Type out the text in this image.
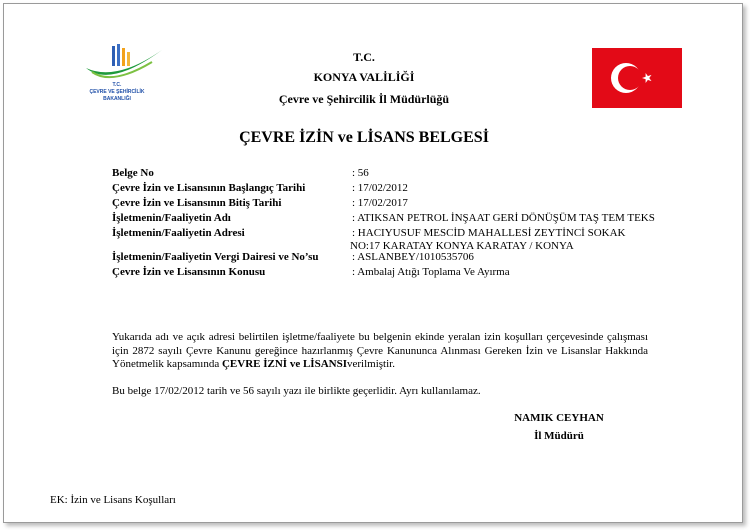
T.C.
ÇEVRE VE ŞEHİRCİLİK
BAKANLIĞI
T.C.
KONYA VALİLİĞİ
Çevre ve Şehircilik İl Müdürlüğü
ÇEVRE İZİN ve LİSANS BELGESİ
Belge No	: 56
Çevre İzin ve Lisansının Başlangıç Tarihi	: 17/02/2012
Çevre İzin ve Lisansının Bitiş Tarihi	: 17/02/2017
İşletmenin/Faaliyetin Adı	: ATIKSAN PETROL İNŞAAT GERİ DÖNÜŞÜM TAŞ TEM TEKS
İşletmenin/Faaliyetin Adresi	: HACIYUSUF MESCİD MAHALLESİ ZEYTİNCİ SOKAK
NO:17 KARATAY KONYA KARATAY / KONYA
İşletmenin/Faaliyetin Vergi Dairesi ve No’su	: ASLANBEY/1010535706
Çevre İzin ve Lisansının Konusu	: Ambalaj Atığı Toplama Ve Ayırma
Yukarıda adı ve açık adresi belirtilen işletme/faaliyete bu belgenin ekinde yeralan izin koşulları çerçevesinde çalışması için 2872 sayılı Çevre Kanunu gereğince hazırlanmış Çevre Kanununca Alınması Gereken İzin ve Lisanslar Hakkında Yönetmelik kapsamında ÇEVRE İZNİ ve LİSANSIverilmiştir.
Bu belge 17/02/2012 tarih ve 56 sayılı yazı ile birlikte geçerlidir. Ayrı kullanılamaz.
NAMIK CEYHAN
İl Müdürü
EK: İzin ve Lisans Koşulları
